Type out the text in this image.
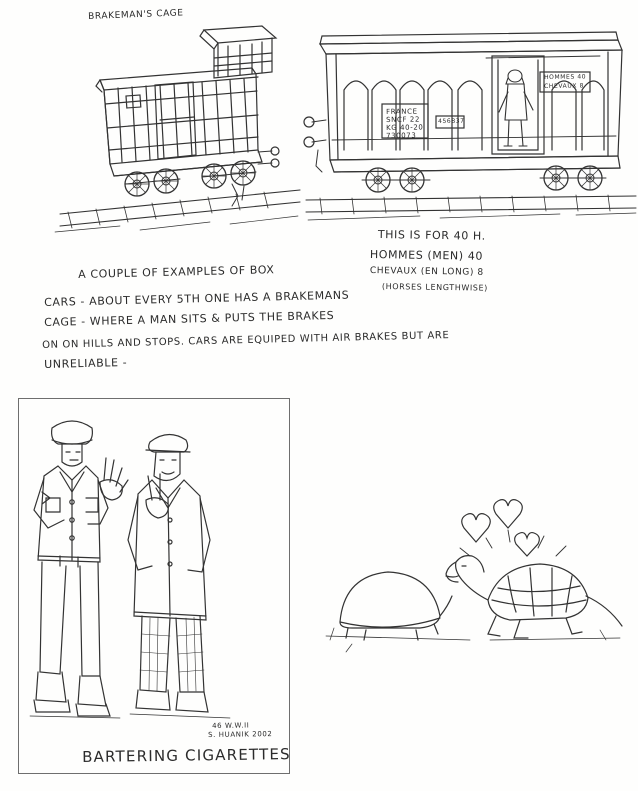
BRAKEMAN'S CAGE
FRANCE
SNCF 22
KG 40-20
730073
456837
HOMMES 40
CHEVAUX 8
THIS IS FOR 40 H.
HOMMES (MEN) 40
CHEVAUX (EN LONG) 8
(HORSES LENGTHWISE)
A COUPLE OF EXAMPLES OF BOX
CARS - ABOUT EVERY 5TH ONE HAS A BRAKEMANS
CAGE - WHERE A MAN SITS & PUTS THE BRAKES
ON ON HILLS AND STOPS. CARS ARE EQUIPED WITH AIR BRAKES BUT ARE
UNRELIABLE -
46 W.W.II
S. HUANIK 2002
BARTERING CIGARETTES
